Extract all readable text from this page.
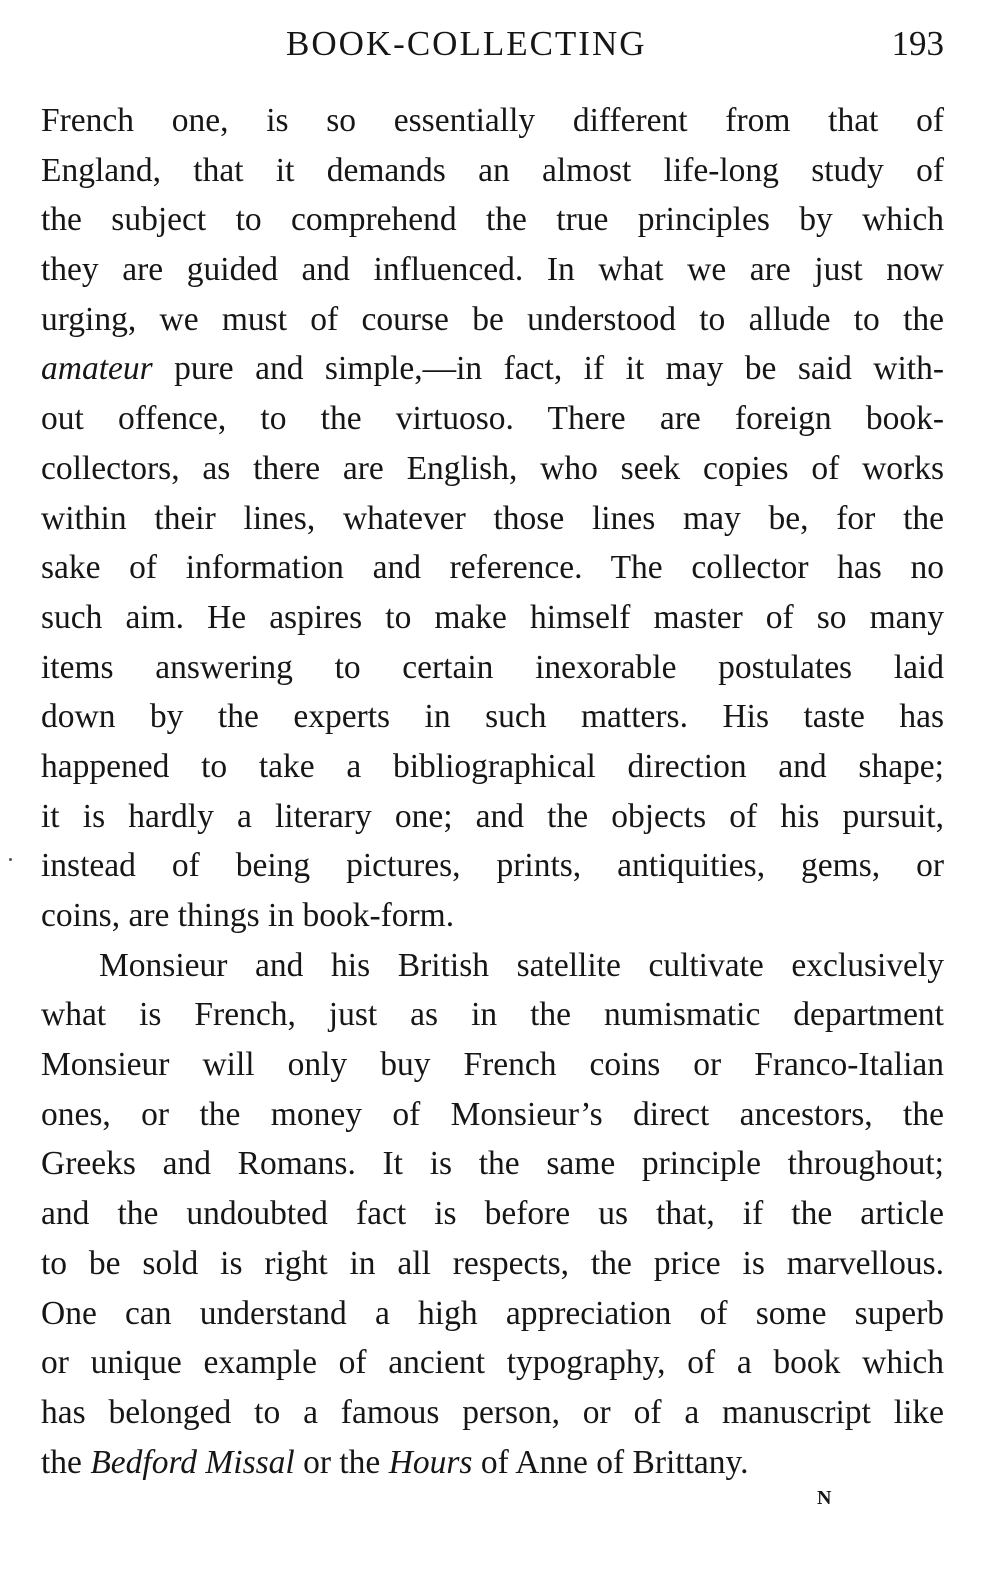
BOOK-COLLECTING	193
French one, is so essentially different from that of
England, that it demands an almost life-long study of
the subject to comprehend the true principles by which
they are guided and influenced. In what we are just now
urging, we must of course be understood to allude to the
amateur pure and simple,—in fact, if it may be said with-
out offence, to the virtuoso. There are foreign book-
collectors, as there are English, who seek copies of works
within their lines, whatever those lines may be, for the
sake of information and reference. The collector has no
such aim. He aspires to make himself master of so many
items answering to certain inexorable postulates laid
down by the experts in such matters. His taste has
happened to take a bibliographical direction and shape;
it is hardly a literary one; and the objects of his pursuit,
instead of being pictures, prints, antiquities, gems, or
coins, are things in book-form.
Monsieur and his British satellite cultivate exclusively
what is French, just as in the numismatic department
Monsieur will only buy French coins or Franco-Italian
ones, or the money of Monsieur’s direct ancestors, the
Greeks and Romans. It is the same principle throughout;
and the undoubted fact is before us that, if the article
to be sold is right in all respects, the price is marvellous.
One can understand a high appreciation of some superb
or unique example of ancient typography, of a book which
has belonged to a famous person, or of a manuscript like
the Bedford Missal or the Hours of Anne of Brittany.
N
